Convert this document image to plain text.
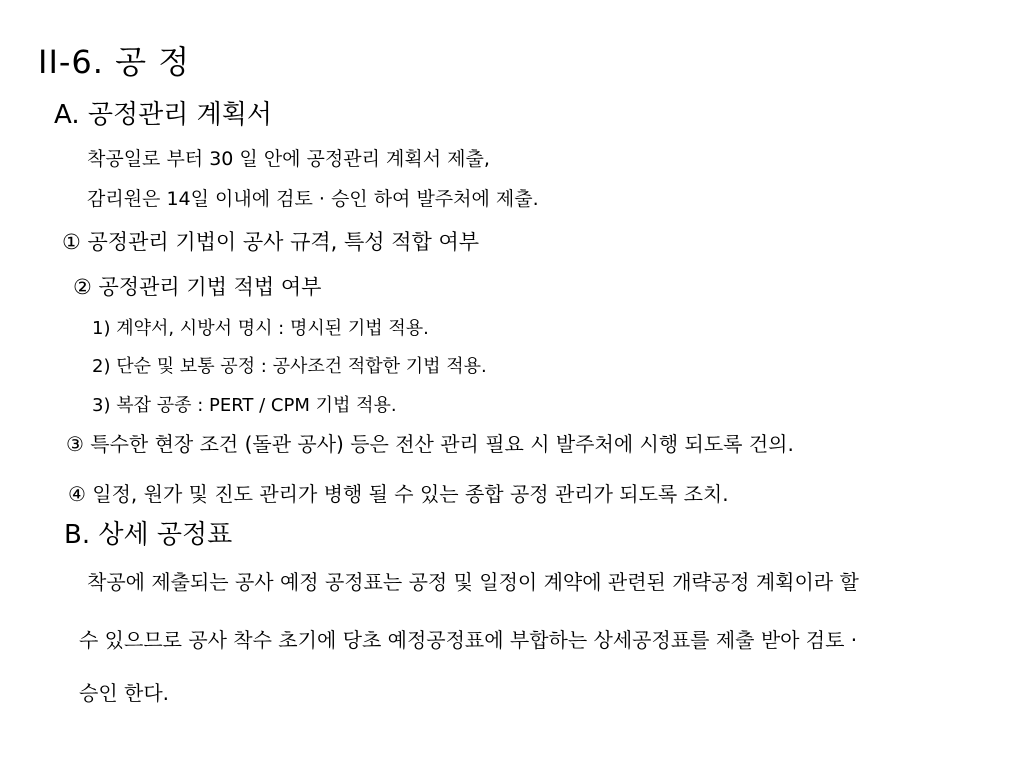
II-6. 공 정
A. 공정관리 계획서
착공일로 부터 30 일 안에 공정관리 계획서 제출,
감리원은 14일 이내에 검토 · 승인 하여 발주처에 제출.
① 공정관리 기법이 공사 규격, 특성 적합 여부
② 공정관리 기법 적법 여부
1) 계약서, 시방서 명시 : 명시된 기법 적용.
2) 단순 및 보통 공정 : 공사조건 적합한 기법 적용.
3) 복잡 공종 : PERT / CPM 기법 적용.
③ 특수한 현장 조건 (돌관 공사) 등은 전산 관리 필요 시 발주처에 시행 되도록 건의.
④ 일정, 원가 및 진도 관리가 병행 될 수 있는 종합 공정 관리가 되도록 조치.
B. 상세 공정표
착공에 제출되는 공사 예정 공정표는 공정 및 일정이 계약에 관련된 개략공정 계획이라 할
수 있으므로 공사 착수 초기에 당초 예정공정표에 부합하는 상세공정표를 제출 받아 검토 ·
승인 한다.
